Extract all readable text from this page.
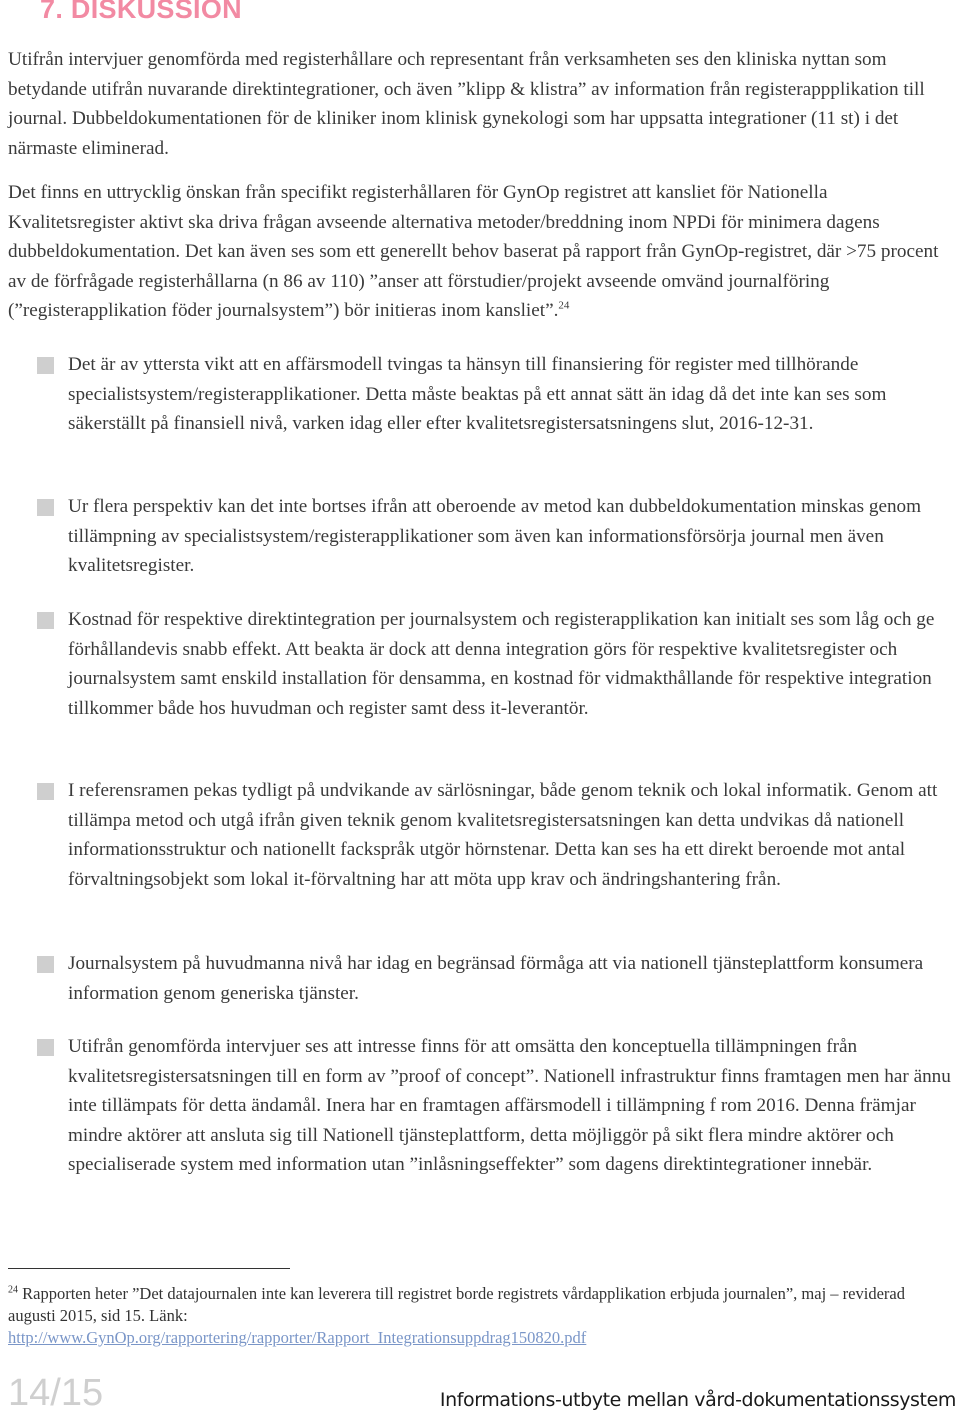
7. DISKUSSION

Utifrån intervjuer genomförda med registerhållare och representant från verksamheten ses den kliniska nyttan som betydande utifrån nuvarande direktintegrationer, och även ”klipp & klistra” av information från registerappplikation till journal. Dubbeldokumentationen för de kliniker inom klinisk gynekologi som har uppsatta integrationer (11 st) i det närmaste eliminerad.

Det finns en uttrycklig önskan från specifikt registerhållaren för GynOp registret att kansliet för Nationella Kvalitetsregister aktivt ska driva frågan avseende alternativa metoder/breddning inom NPDi för minimera dagens dubbeldokumentation. Det kan även ses som ett generellt behov baserat på rapport från GynOp-registret, där >75 procent av de förfrågade registerhållarna (n 86 av 110) ”anser att förstudier/projekt avseende omvänd journalföring (”registerapplikation föder journalsystem”) bör initieras inom kansliet”.$^{24}$

Det är av yttersta vikt att en affärsmodell tvingas ta hänsyn till finansiering för register med tillhörande specialistsystem/registerapplikationer. Detta måste beaktas på ett annat sätt än idag då det inte kan ses som säkerställt på finansiell nivå, varken idag eller efter kvalitetsregistersatsningens slut, 2016-12-31.

Ur flera perspektiv kan det inte bortses ifrån att oberoende av metod kan dubbeldokumentation minskas genom tillämpning av specialistsystem/registerapplikationer som även kan informationsförsörja journal men även kvalitetsregister.

Kostnad för respektive direktintegration per journalsystem och registerapplikation kan initialt ses som låg och ge förhållandevis snabb effekt. Att beakta är dock att denna integration görs för respektive kvalitetsregister och journalsystem samt enskild installation för densamma, en kostnad för vidmakthållande för respektive integration tillkommer både hos huvudman och register samt dess it-leverantör.

I referensramen pekas tydligt på undvikande av särlösningar, både genom teknik och lokal informatik. Genom att tillämpa metod och utgå ifrån given teknik genom kvalitetsregistersatsningen kan detta undvikas då nationell informationsstruktur och nationellt fackspråk utgör hörnstenar. Detta kan ses ha ett direkt beroende mot antal förvaltningsobjekt som lokal it-förvaltning har att möta upp krav och ändringshantering från.

Journalsystem på huvudmanna nivå har idag en begränsad förmåga att via nationell tjänsteplattform konsumera information genom generiska tjänster.

Utifrån genomförda intervjuer ses att intresse finns för att omsätta den konceptuella tillämpningen från kvalitetsregistersatsningen till en form av ”proof of concept”. Nationell infrastruktur finns framtagen men har ännu inte tillämpats för detta ändamål. Inera har en framtagen affärsmodell i tillämpning f rom 2016. Denna främjar mindre aktörer att ansluta sig till Nationell tjänsteplattform, detta möjliggör på sikt flera mindre aktörer och specialiserade system med information utan ”inlåsningseffekter” som dagens direktintegrationer innebär.

$^{24}$ Rapporten heter ”Det datajournalen inte kan leverera till registret borde registrets vårdapplikation erbjuda journalen”, maj – reviderad augusti 2015, sid 15. Länk:
http://www.GynOp.org/rapportering/rapporter/Rapport_Integrationsuppdrag150820.pdf

14/15	Informations-utbyte mellan vård-dokumentationssystem
